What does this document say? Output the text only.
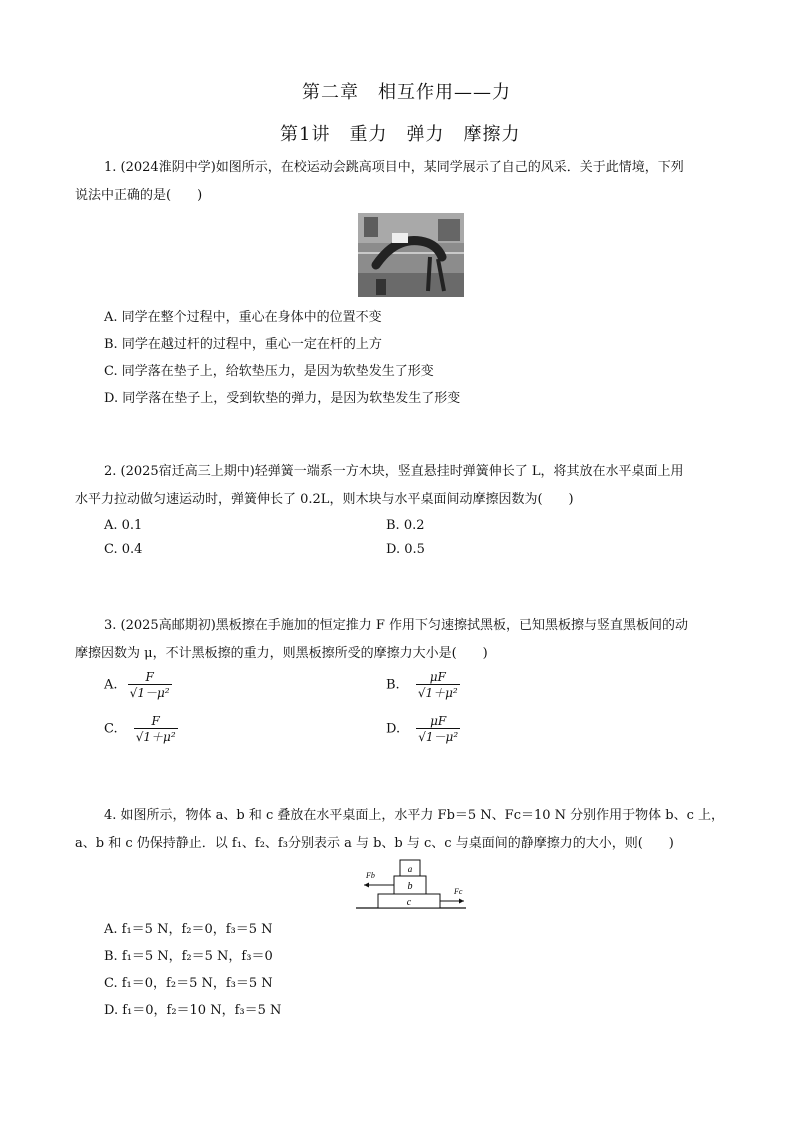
第二章　相互作用——力
第1讲　重力　弹力　摩擦力
1. (2024淮阴中学)如图所示，在校运动会跳高项目中，某同学展示了自己的风采．关于此情境，下列
说法中正确的是(　　)
A. 同学在整个过程中，重心在身体中的位置不变
B. 同学在越过杆的过程中，重心一定在杆的上方
C. 同学落在垫子上，给软垫压力，是因为软垫发生了形变
D. 同学落在垫子上，受到软垫的弹力，是因为软垫发生了形变
2. (2025宿迁高三上期中)轻弹簧一端系一方木块，竖直悬挂时弹簧伸长了 L，将其放在水平桌面上用
水平力拉动做匀速运动时，弹簧伸长了 0.2L，则木块与水平桌面间动摩擦因数为(　　)
A. 0.1	B. 0.2
C. 0.4	D. 0.5
3. (2025高邮期初)黑板擦在手施加的恒定推力 F 作用下匀速擦拭黑板，已知黑板擦与竖直黑板间的动
摩擦因数为 μ，不计黑板擦的重力，则黑板擦所受的摩擦力大小是(　　)
A. $\frac{F}{\text{√1－μ²}}$	B. $\frac{\mu F}{\text{√1＋μ²}}$
C. $\frac{F}{\text{√1＋μ²}}$	D. $\frac{\mu F}{\text{√1－μ²}}$
4. 如图所示，物体 a、b 和 c 叠放在水平桌面上，水平力 Fb＝5 N、Fc＝10 N 分别作用于物体 b、c 上，
a、b 和 c 仍保持静止．以 f₁、f₂、f₃分别表示 a 与 b、b 与 c、c 与桌面间的静摩擦力的大小，则(　　)
a
b
c
Fb
Fc
A. f₁＝5 N，f₂＝0，f₃＝5 N
B. f₁＝5 N，f₂＝5 N，f₃＝0
C. f₁＝0，f₂＝5 N，f₃＝5 N
D. f₁＝0，f₂＝10 N，f₃＝5 N
